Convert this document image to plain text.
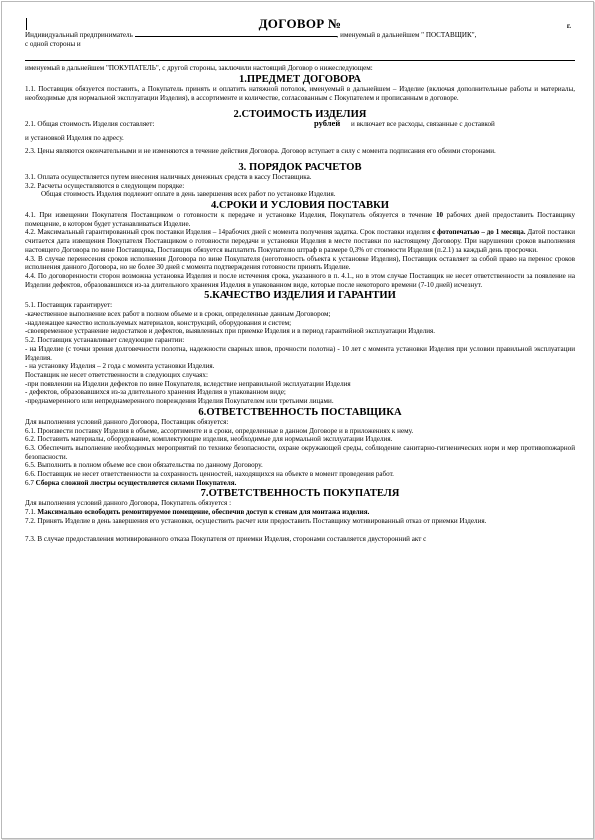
ДОГОВОР №	г.
Индивидуальный предприниматель	, именуемый в дальнейшем " ПОСТАВЩИК",
с одной стороны и
именуемый в дальнейшем "ПОКУПАТЕЛЬ", с другой стороны, заключили настоящий Договор о нижеследующем:
1.ПРЕДМЕТ ДОГОВОРА

1.1. Поставщик обязуется поставить, а Покупатель принять и оплатить натяжной потолок, именуемый в дальнейшем – Изделие (включая дополнительные работы и материалы, необходимые для нормальной эксплуатации Изделия), в ассортименте и количестве, согласованным с Покупателем и прописанным в договоре.

2.СТОИМОСТЬ ИЗДЕЛИЯ
2.1. Общая стоимость Изделия составляет:	рублей и включает все расходы, связанные с доставкой
и установкой Изделия по адресу.

2.3. Цены являются окончательными и не изменяются в течение действия Договора. Договор вступает в силу с момента подписания его обеими сторонами.

3. ПОРЯДОК РАСЧЕТОВ
3.1. Оплата осуществляется путем внесения наличных денежных средств в кассу Поставщика.
3.2. Расчеты осуществляются в следующем порядке:
Общая стоимость Изделия подлежит оплате в день завершения всех работ по установке Изделия.
4.СРОКИ И УСЛОВИЯ ПОСТАВКИ

4.1. При извещении Покупателя Поставщиком о готовности к передаче и установке Изделия, Покупатель обязуется в течение 10 рабочих дней предоставить Поставщику помещение, в котором будет устанавливаться Изделие.

4.2. Максимальный гарантированный срок поставки Изделия – 14рабочих дней с момента получения задатка. Срок поставки изделия с фотопечатью – до 1 месяца. Датой поставки считается дата извещения Покупателя Поставщиком о готовности передачи и установки Изделия в месте поставки по настоящему Договору. При нарушении сроков выполнения настоящего Договора по вине Поставщика, Поставщик обязуется выплатить Покупателю штраф в размере 0,3% от стоимости Изделия (п.2.1) за каждый день просрочки.

4.3. В случае перенесения сроков исполнения Договора по вине Покупателя (неготовность объекта к установке Изделия), Поставщик оставляет за собой право на перенос сроков исполнения данного Договора, но не более 30 дней с момента подтверждения готовности принять Изделие.

4.4. По договоренности сторон возможна установка Изделия и после истечения срока, указанного в п. 4.1., но в этом случае Поставщик не несет ответственности за появление на Изделии дефектов, образовавшихся из-за длительного хранения Изделия в упакованном виде, которые после некоторого времени (7-10 дней) исчезнут.

5.КАЧЕСТВО ИЗДЕЛИЯ И ГАРАНТИИ

5.1. Поставщик гарантирует:

-качественное выполнение всех работ в полном объеме и в сроки, определенные данным Договором;

-надлежащее качество используемых материалов, конструкций, оборудования и систем;

-своевременное устранение недостатков и дефектов, выявленных при приемке Изделия и в период гарантийной эксплуатации Изделия.

5.2. Поставщик устанавливает следующие гарантии:

- на Изделие (с точки зрения долговечности полотна, надежности сварных швов, прочности полотна) - 10 лет с момента установки Изделия при условии правильной эксплуатации Изделия.

- на установку Изделия – 2 года с момента установки Изделия.

Поставщик не несет ответственности в следующих случаях:

-при появлении на Изделии дефектов по вине Покупателя, вследствие неправильной эксплуатации Изделия

- дефектов, образовавшихся из-за длительного хранения Изделия в упакованном виде;

-преднамеренного или непреднамеренного повреждения Изделия Покупателем или третьими лицами.

6.ОТВЕТСТВЕННОСТЬ ПОСТАВЩИКА

Для выполнения условий данного Договора, Поставщик обязуется:

6.1. Произвести поставку Изделия в объеме, ассортименте и в сроки, определенные в данном Договоре и в приложениях к нему.

6.2. Поставить материалы, оборудование, комплектующие изделия, необходимые для нормальной эксплуатации Изделия.

6.3. Обеспечить выполнение необходимых мероприятий по технике безопасности, охране окружающей среды, соблюдение санитарно-гигиенических норм и мер противопожарной безопасности.

6.5. Выполнить в полном объеме все свои обязательства по данному Договору.

6.6. Поставщик не несет ответственности за сохранность ценностей, находящихся на объекте в момент проведения работ.

6.7 Сборка сложной люстры осуществляется силами Покупателя.

7.ОТВЕТСТВЕННОСТЬ ПОКУПАТЕЛЯ

Для выполнения условий данного Договора, Покупатель обязуется :

7.1. Максимально освободить ремонтируемое помещение, обеспечив доступ к стенам для монтажа изделия.

7.2. Принять Изделие в день завершения его установки, осуществить расчет или предоставить Поставщику мотивированный отказ от приемки Изделия.

7.3. В случае предоставления мотивированного отказа Покупателя от приемки Изделия, сторонами составляется двусторонний акт с
